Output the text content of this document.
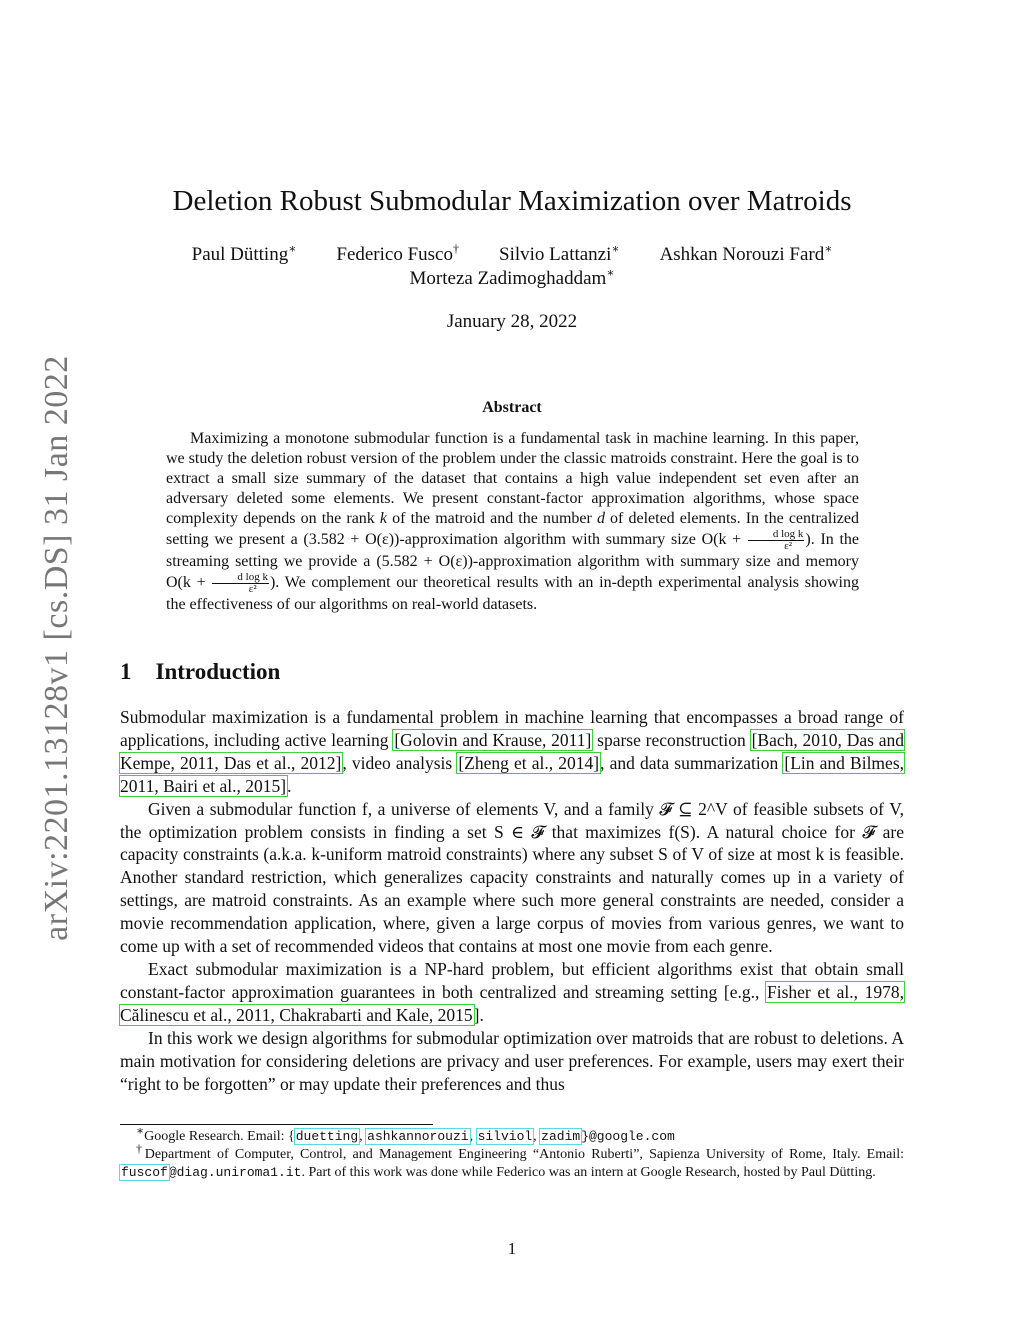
arXiv:2201.13128v1 [cs.DS] 31 Jan 2022
Deletion Robust Submodular Maximization over Matroids
Paul Dütting∗ Federico Fusco† Silvio Lattanzi∗ Ashkan Norouzi Fard∗
Morteza Zadimoghaddam∗
January 28, 2022
Abstract

Maximizing a monotone submodular function is a fundamental task in machine learning. In this paper, we study the deletion robust version of the problem under the classic matroids constraint. Here the goal is to extract a small size summary of the dataset that contains a high value independent set even after an adversary deleted some elements. We present constant-factor approximation algorithms, whose space complexity depends on the rank k of the matroid and the number d of deleted elements. In the centralized setting we present a (3.582 + O(ε))-approximation algorithm with summary size $O(k + \frac{\text{d log k}}{\text{ε²}}$ ). In the streaming setting we provide a (5.582 + O(ε))-approximation algorithm with summary size and memory $O(k + \frac{\text{d log k}}{\text{ε²}}$ ). We complement our theoretical results with an in-depth experimental analysis showing the effectiveness of our algorithms on real-world datasets.

1 Introduction

Submodular maximization is a fundamental problem in machine learning that encompasses a broad range of applications, including active learning [Golovin and Krause, 2011] sparse reconstruction [Bach, 2010, Das and Kempe, 2011, Das et al., 2012], video analysis [Zheng et al., 2014], and data summarization [Lin and Bilmes, 2011, Bairi et al., 2015].

Given a submodular function f, a universe of elements V, and a family 𝓕 ⊆ 2^V of feasible subsets of V, the optimization problem consists in finding a set S ∈ 𝓕 that maximizes f(S). A natural choice for 𝓕 are capacity constraints (a.k.a. k-uniform matroid constraints) where any subset S of V of size at most k is feasible. Another standard restriction, which generalizes capacity constraints and naturally comes up in a variety of settings, are matroid constraints. As an example where such more general constraints are needed, consider a movie recommendation application, where, given a large corpus of movies from various genres, we want to come up with a set of recommended videos that contains at most one movie from each genre.

Exact submodular maximization is a NP-hard problem, but efficient algorithms exist that obtain small constant-factor approximation guarantees in both centralized and streaming setting [e.g., Fisher et al., 1978, Călinescu et al., 2011, Chakrabarti and Kale, 2015].

In this work we design algorithms for submodular optimization over matroids that are robust to deletions. A main motivation for considering deletions are privacy and user preferences. For example, users may exert their “right to be forgotten” or may update their preferences and thus

∗Google Research. Email: {duetting, ashkannorouzi, silviol, zadim}@google.com

†Department of Computer, Control, and Management Engineering “Antonio Ruberti”, Sapienza University of Rome, Italy. Email: fuscof@diag.uniroma1.it. Part of this work was done while Federico was an intern at Google Research, hosted by Paul Dütting.

1
